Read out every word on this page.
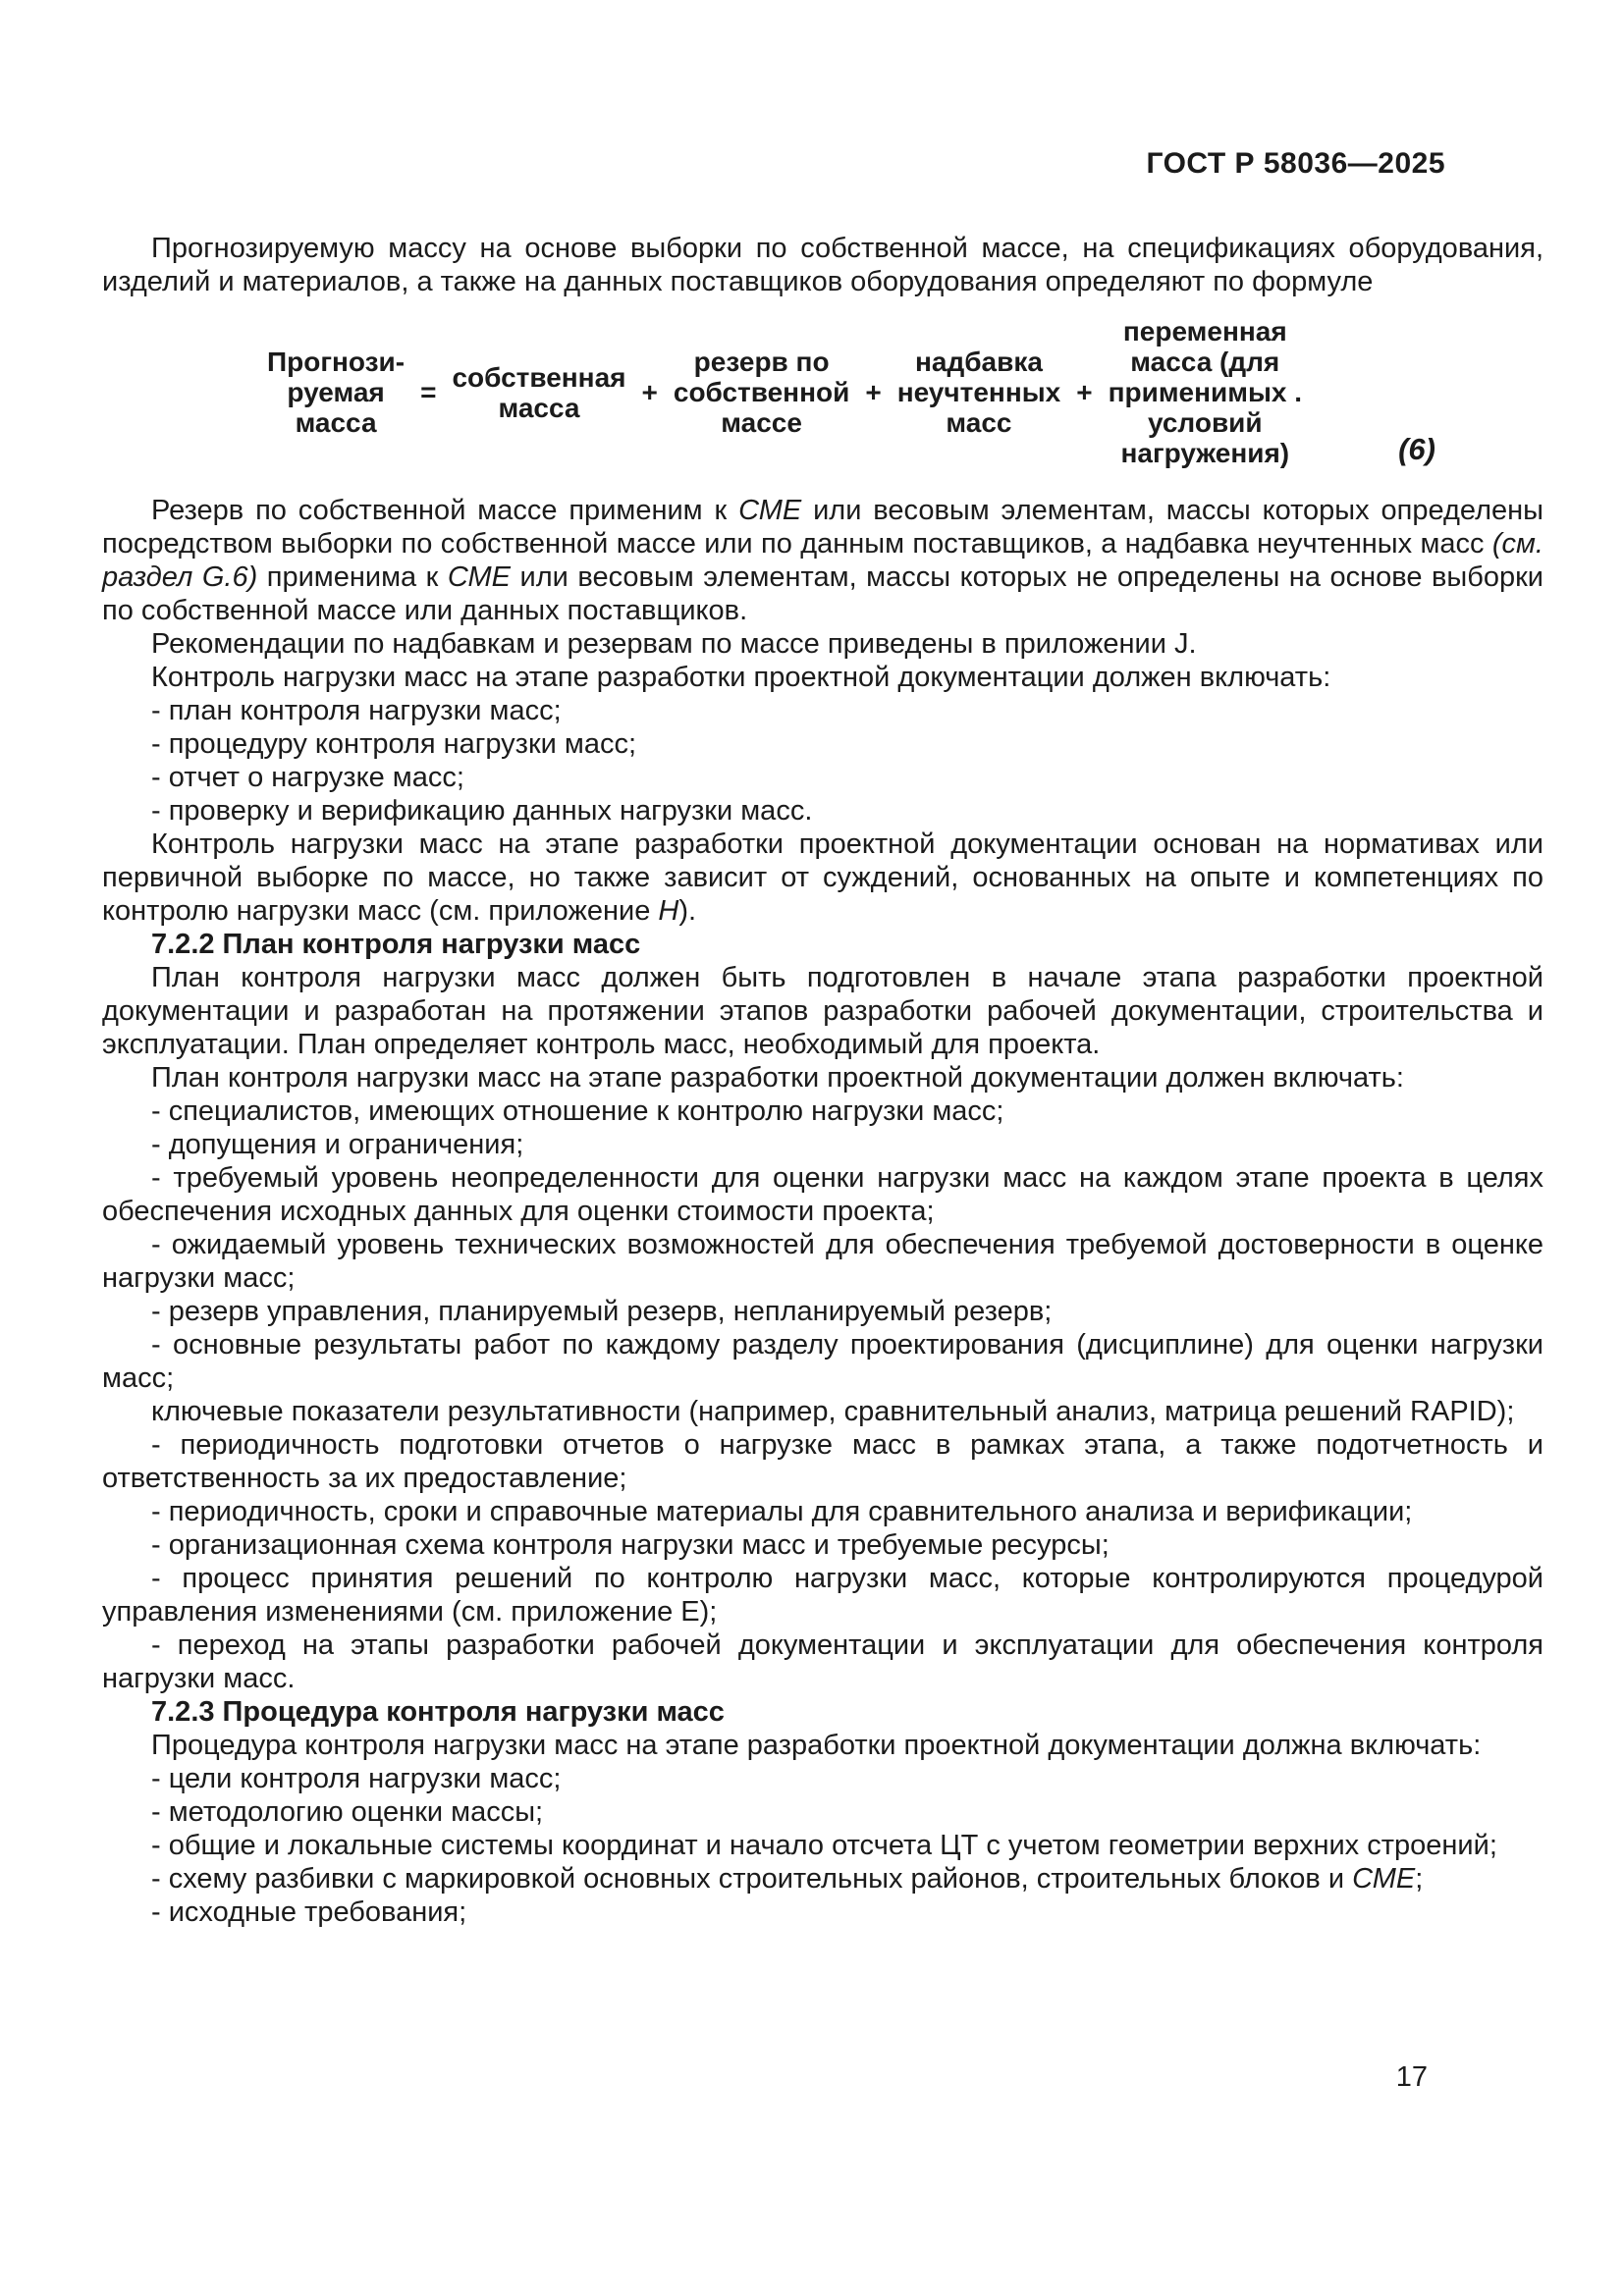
ГОСТ Р 58036—2025

Прогнозируемую массу на основе выборки по собственной массе, на спецификациях оборудования, изделий и материалов, а также на данных поставщиков оборудования определяют по формуле

Прогнози-
руемая
масса
= собственная
масса	+
резерв по
собственной
массе
+
надбавка
неучтенных
масс
+
переменная
масса (для
применимых .
условий
нагружения)	(6)

Резерв по собственной массе применим к СМЕ или весовым элементам, массы которых определены посредством выборки по собственной массе или по данным поставщиков, а надбавка неучтенных масс (см. раздел G.6) применима к СМЕ или весовым элементам, массы которых не определены на основе выборки по собственной массе или данных поставщиков.

Рекомендации по надбавкам и резервам по массе приведены в приложении J.

Контроль нагрузки масс на этапе разработки проектной документации должен включать:

- план контроля нагрузки масс;

- процедуру контроля нагрузки масс;

- отчет о нагрузке масс;

- проверку и верификацию данных нагрузки масс.

Контроль нагрузки масс на этапе разработки проектной документации основан на нормативах или первичной выборке по массе, но также зависит от суждений, основанных на опыте и компетенциях по контролю нагрузки масс (см. приложение H).

7.2.2 План контроля нагрузки масс

План контроля нагрузки масс должен быть подготовлен в начале этапа разработки проектной документации и разработан на протяжении этапов разработки рабочей документации, строительства и эксплуатации. План определяет контроль масс, необходимый для проекта.

План контроля нагрузки масс на этапе разработки проектной документации должен включать:

- специалистов, имеющих отношение к контролю нагрузки масс;

- допущения и ограничения;

- требуемый уровень неопределенности для оценки нагрузки масс на каждом этапе проекта в целях обеспечения исходных данных для оценки стоимости проекта;

- ожидаемый уровень технических возможностей для обеспечения требуемой достоверности в оценке нагрузки масс;

- резерв управления, планируемый резерв, непланируемый резерв;

- основные результаты работ по каждому разделу проектирования (дисциплине) для оценки нагрузки масс;

ключевые показатели результативности (например, сравнительный анализ, матрица решений RAPID);

- периодичность подготовки отчетов о нагрузке масс в рамках этапа, а также подотчетность и ответственность за их предоставление;

- периодичность, сроки и справочные материалы для сравнительного анализа и верификации;

- организационная схема контроля нагрузки масс и требуемые ресурсы;

- процесс принятия решений по контролю нагрузки масс, которые контролируются процедурой управления изменениями (см. приложение Е);

- переход на этапы разработки рабочей документации и эксплуатации для обеспечения контроля нагрузки масс.

7.2.3 Процедура контроля нагрузки масс

Процедура контроля нагрузки масс на этапе разработки проектной документации должна включать:

- цели контроля нагрузки масс;

- методологию оценки массы;

- общие и локальные системы координат и начало отсчета ЦТ с учетом геометрии верхних строений;

- схему разбивки с маркировкой основных строительных районов, строительных блоков и СМЕ;

- исходные требования;

17
